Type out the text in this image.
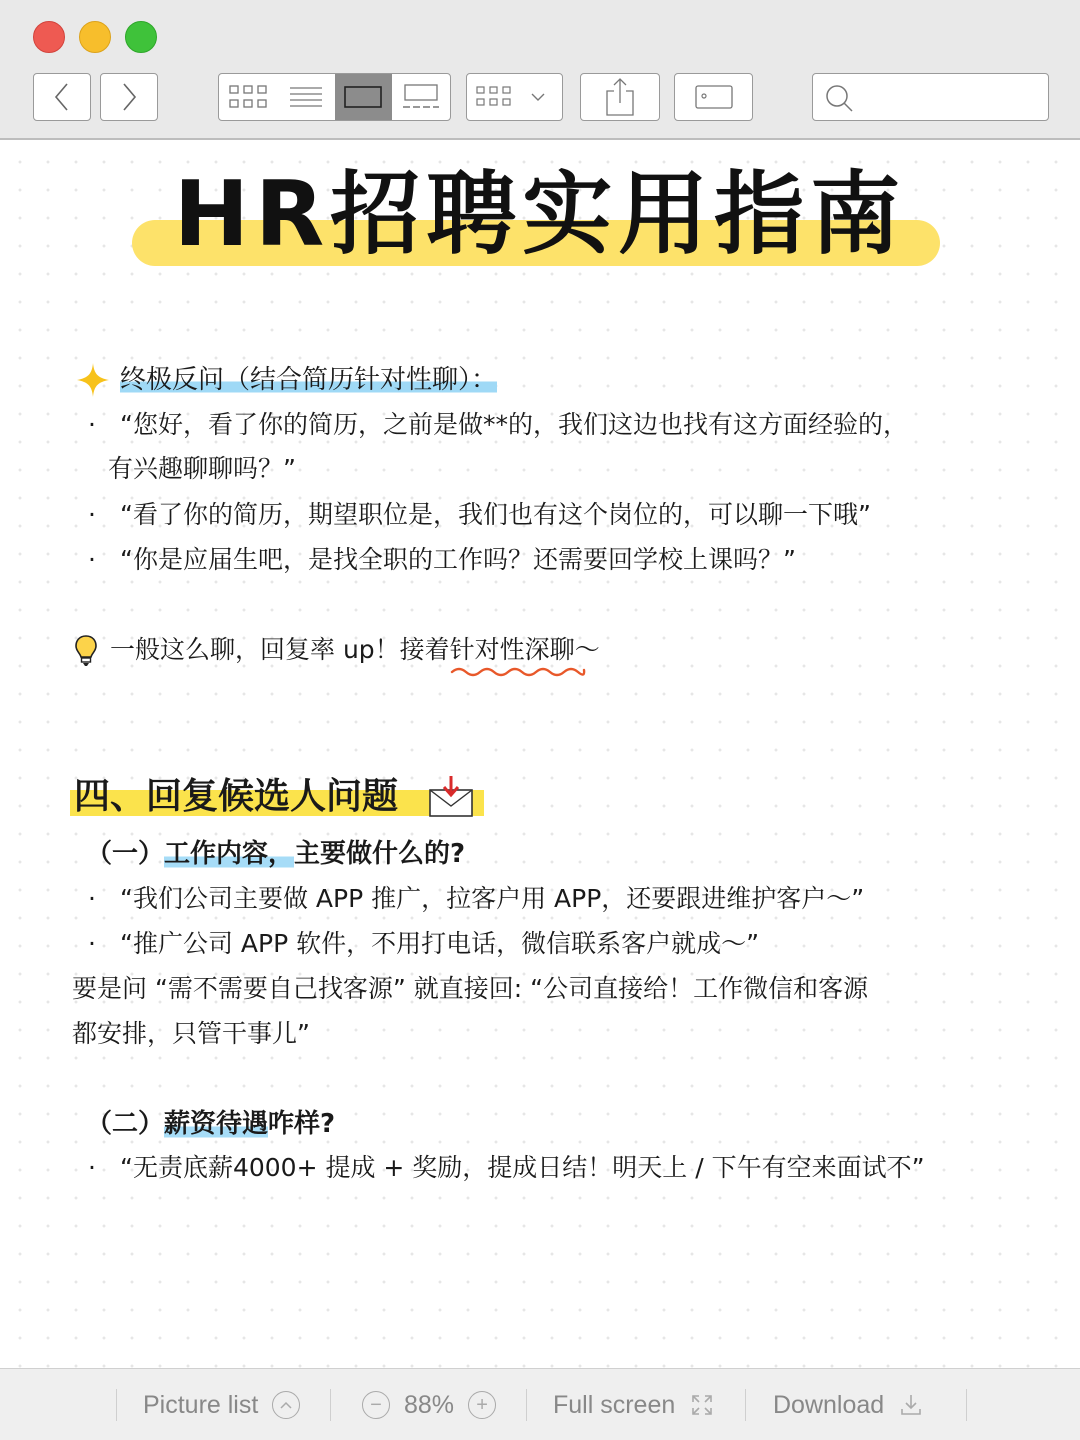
HR招聘实用指南
终极反问（结合简历针对性聊）：
· “您好，看了你的简历，之前是做**的，我们这边也找有这方面经验的，
有兴趣聊聊吗？”
· “看了你的简历，期望职位是，我们也有这个岗位的，可以聊一下哦”
· “你是应届生吧，是找全职的工作吗？还需要回学校上课吗？”
一般这么聊，回复率 up！接着针对性深聊
～
四、回复候选人问题
（一）工作内容，主要做什么的?
· “我们公司主要做 APP 推广，拉客户用 APP，还要跟进维护客户～”
· “推广公司 APP 软件，不用打电话，微信联系客户就成～”
要是问 “需不需要自己找客源” 就直接回: “公司直接给！工作微信和客源
都安排，只管干事儿”
（二）薪资待遇咋样?
· “无责底薪4000+ 提成 + 奖励，提成日结！明天上 / 下午有空来面试不”
Picture list	− 88%	+	Full screen	Download
